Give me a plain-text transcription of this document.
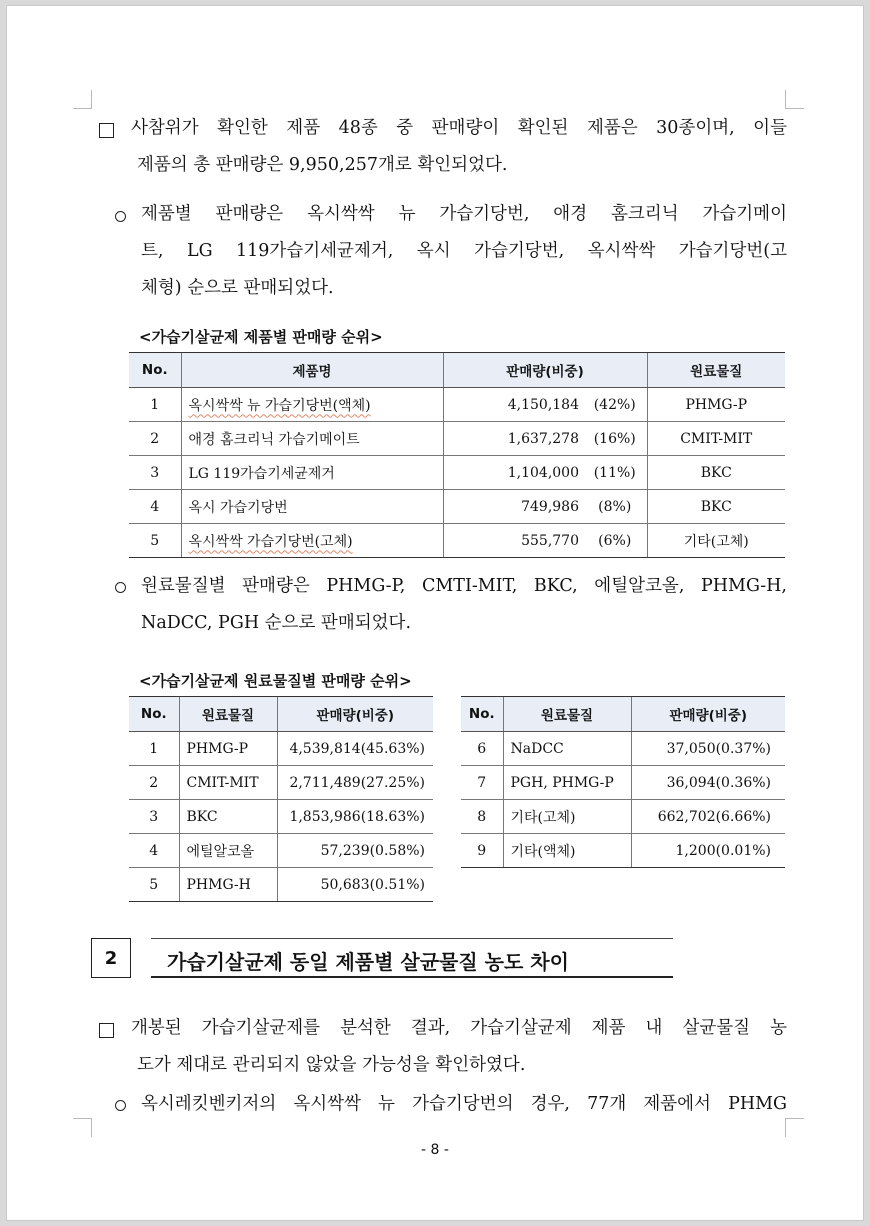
사참위가 확인한 제품 48종 중 판매량이 확인된 제품은 30종이며, 이들
제품의 총 판매량은 9,950,257개로 확인되었다.
제품별 판매량은 옥시싹싹 뉴 가습기당번, 애경 홈크리닉 가습기메이
트, LG 119가습기세균제거, 옥시 가습기당번, 옥시싹싹 가습기당번(고
체형) 순으로 판매되었다.
<가습기살균제 제품별 판매량 순위>
No.	제품명	판매량(비중)		원료물질
1	옥시싹싹 뉴 가습기당번(액체)	4,150,184	(42%)	PHMG-P
2	애경 홈크리닉 가습기메이트	1,637,278	(16%)	CMIT-MIT
3	LG 119가습기세균제거	1,104,000	(11%)	BKC
4	옥시 가습기당번	749,986	(8%)	BKC
5	옥시싹싹 가습기당번(고체)	555,770	(6%)	기타(고체)
원료물질별 판매량은 PHMG-P, CMTI-MIT, BKC, 에틸알코올, PHMG-H,
NaDCC, PGH 순으로 판매되었다.
<가습기살균제 원료물질별 판매량 순위>
No.	원료물질	판매량(비중)
1	PHMG-P	4,539,814(45.63%)
2	CMIT-MIT	2,711,489(27.25%)
3	BKC	1,853,986(18.63%)
4	에틸알코올	57,239(0.58%)
5	PHMG-H	50,683(0.51%)
No.	원료물질	판매량(비중)
6	NaDCC	37,050(0.37%)
7	PGH, PHMG-P	36,094(0.36%)
8	기타(고체)	662,702(6.66%)
9	기타(액체)	1,200(0.01%)
2	가습기살균제 동일 제품별 살균물질 농도 차이
개봉된 가습기살균제를 분석한 결과, 가습기살균제 제품 내 살균물질 농
도가 제대로 관리되지 않았을 가능성을 확인하였다.
옥시레킷벤키저의 옥시싹싹 뉴 가습기당번의 경우, 77개 제품에서 PHMG
- 8 -
